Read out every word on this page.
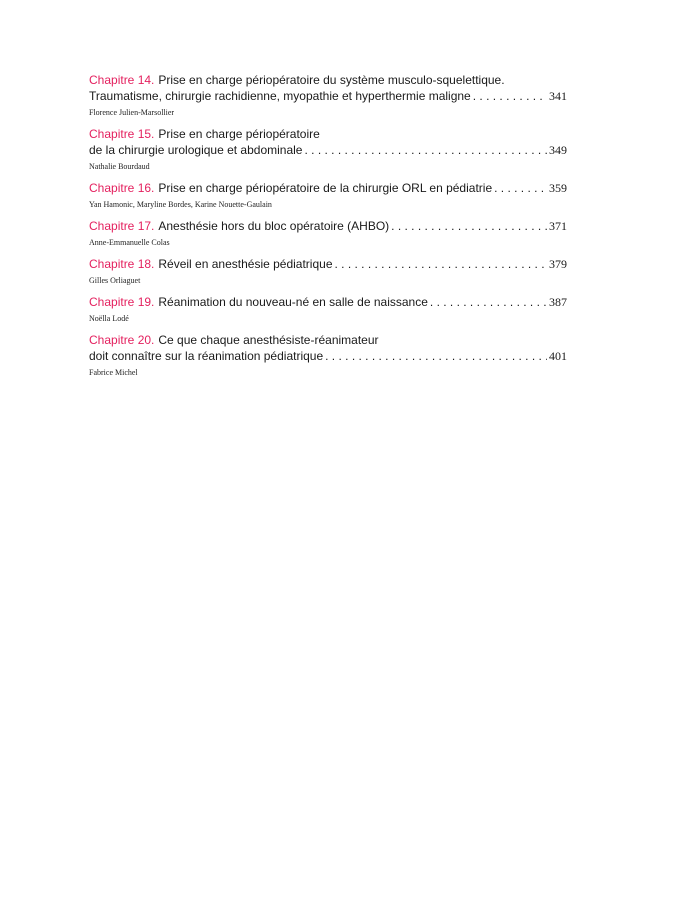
Chapitre 14. Prise en charge périopératoire du système musculo-squelettique.
Traumatisme, chirurgie rachidienne, myopathie et hyperthermie maligne . . .	341
Florence Julien-Marsollier
Chapitre 15. Prise en charge périopératoire
de la chirurgie urologique et abdominale . . .	349
Nathalie Bourdaud
Chapitre 16. Prise en charge périopératoire de la chirurgie ORL en pédiatrie . . .	359
Yan Hamonic, Maryline Bordes, Karine Nouette-Gaulain
Chapitre 17. Anesthésie hors du bloc opératoire (AHBO) . . .	371
Anne-Emmanuelle Colas
Chapitre 18. Réveil en anesthésie pédiatrique . . .	379
Gilles Orliaguet
Chapitre 19. Réanimation du nouveau-né en salle de naissance . . .	387
Noëlla Lodé
Chapitre 20. Ce que chaque anesthésiste-réanimateur
doit connaître sur la réanimation pédiatrique . . .	401
Fabrice Michel
